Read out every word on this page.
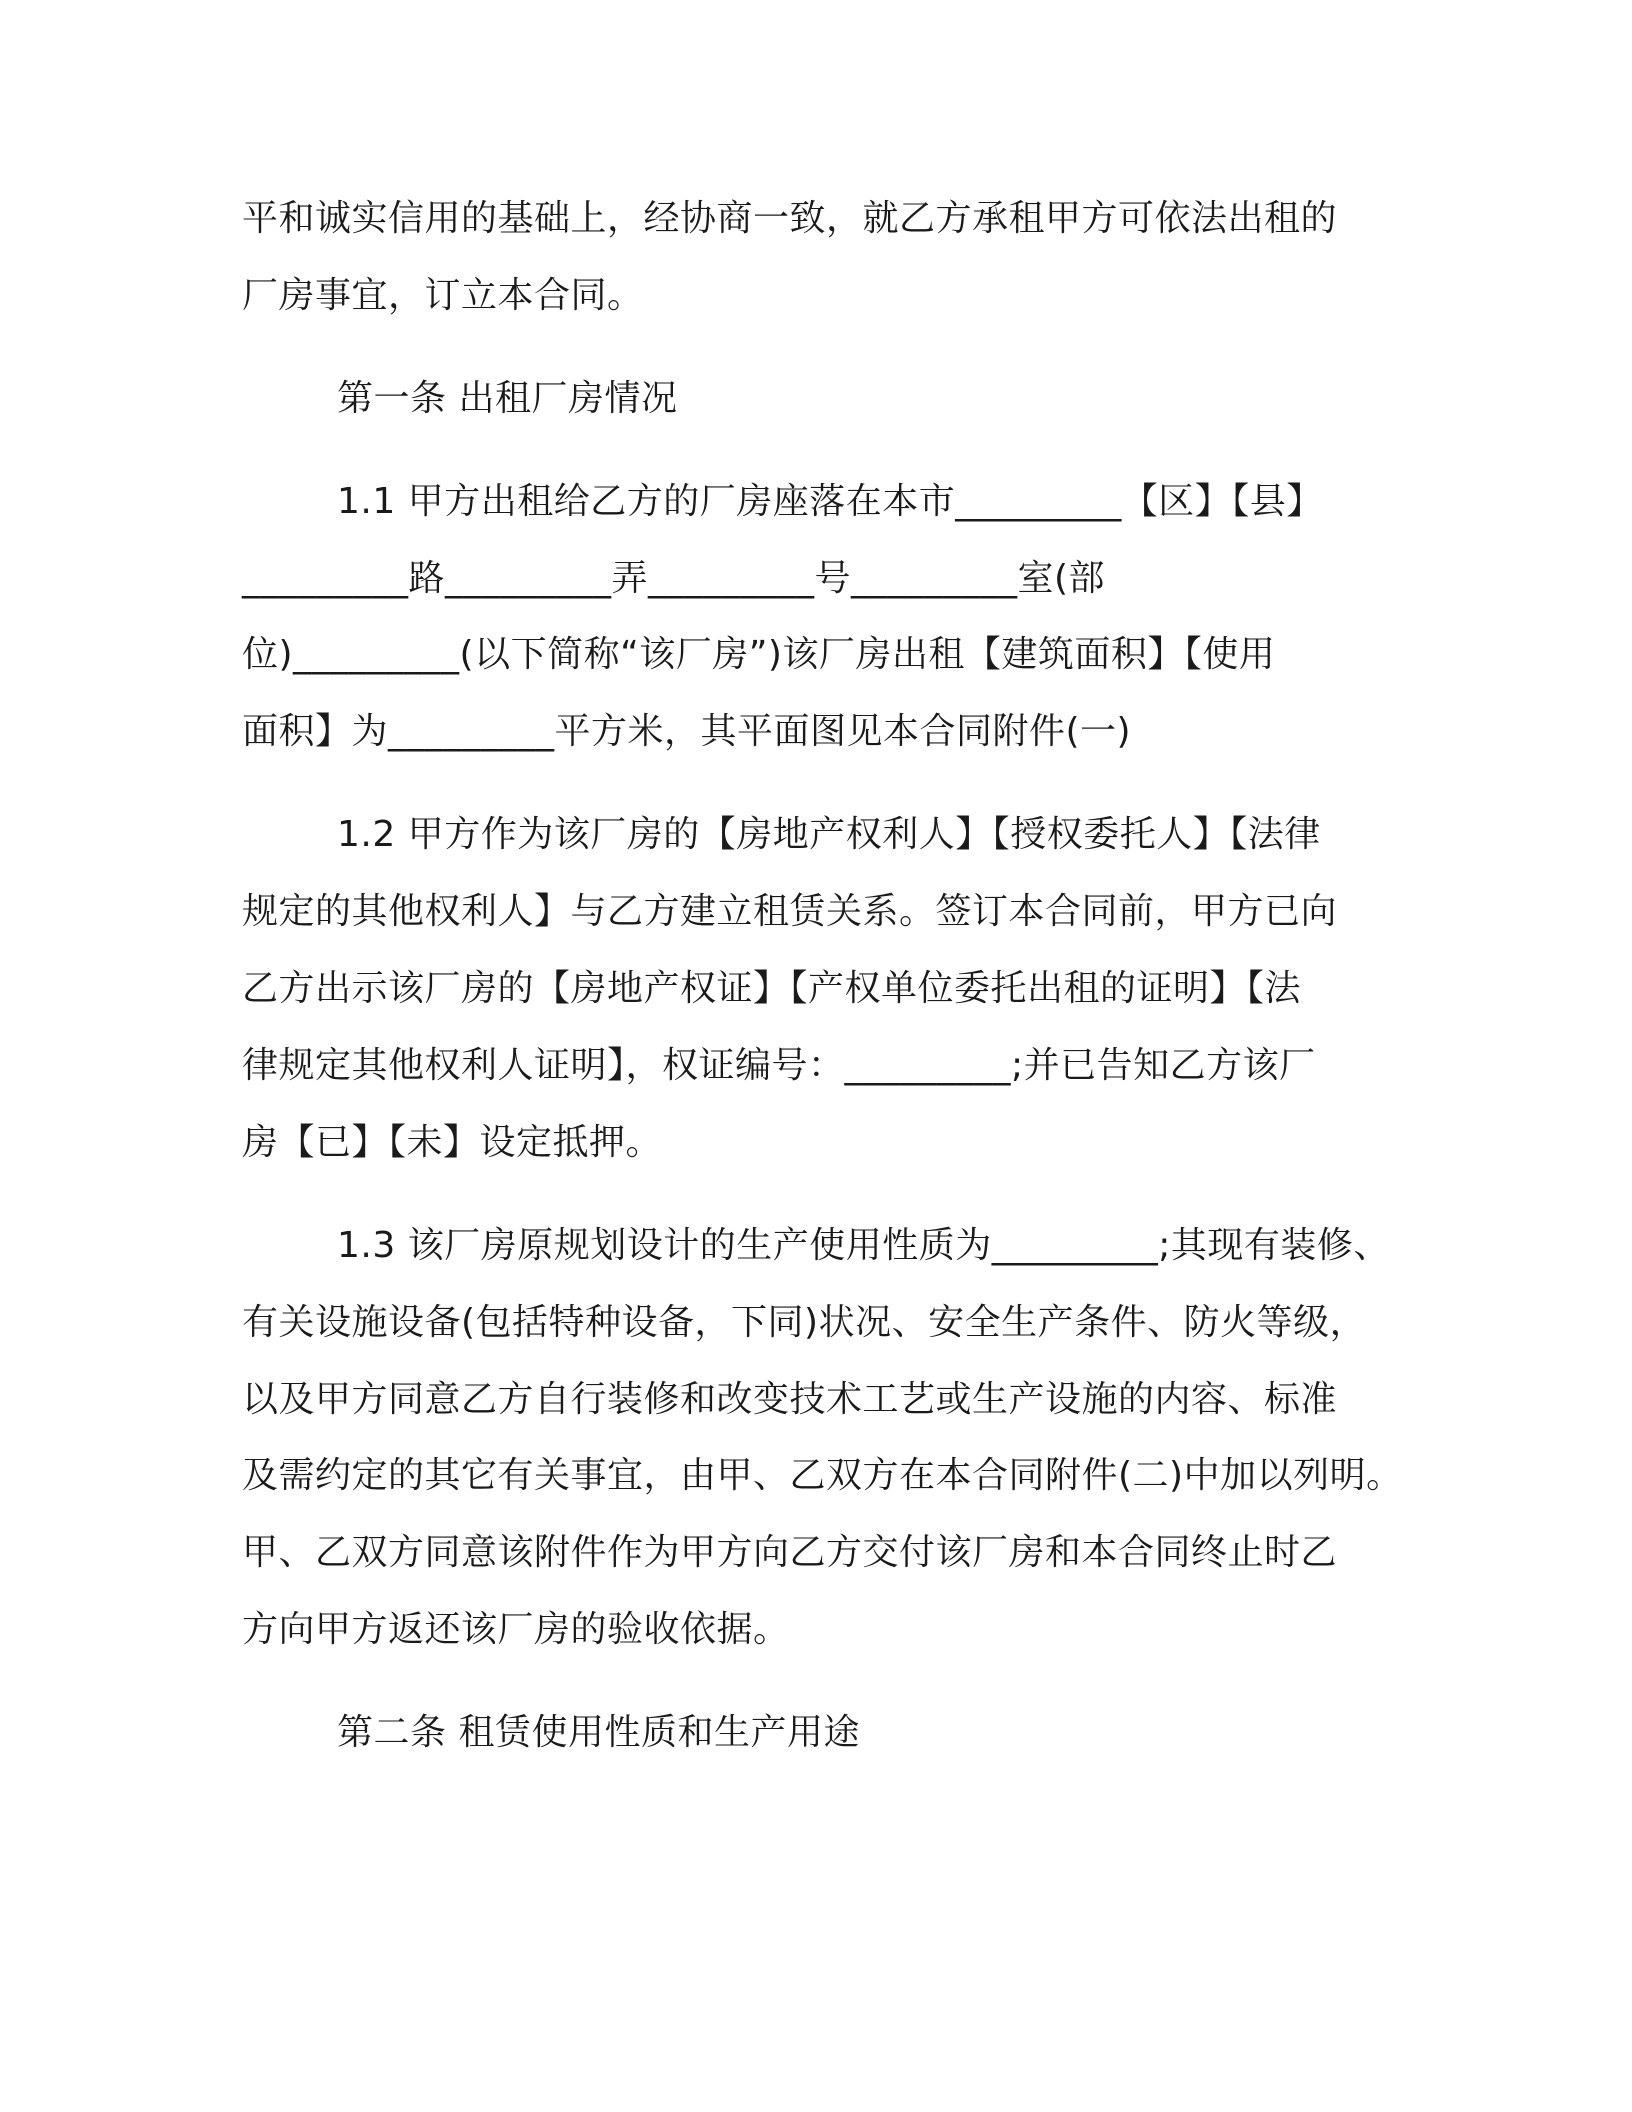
平和诚实信用的基础上，经协商一致，就乙方承租甲方可依法出租的
厂房事宜，订立本合同。
第一条 出租厂房情况
1.1 甲方出租给乙方的厂房座落在本市_________【区】【县】
_________路_________弄_________号_________室(部
位)_________(以下简称“该厂房”)该厂房出租【建筑面积】【使用
面积】为_________平方米，其平面图见本合同附件(一)
1.2 甲方作为该厂房的【房地产权利人】【授权委托人】【法律
规定的其他权利人】与乙方建立租赁关系。签订本合同前，甲方已向
乙方出示该厂房的【房地产权证】【产权单位委托出租的证明】【法
律规定其他权利人证明】，权证编号：_________;并已告知乙方该厂
房【已】【未】设定抵押。
1.3 该厂房原规划设计的生产使用性质为_________;其现有装修、
有关设施设备(包括特种设备，下同)状况、安全生产条件、防火等级，
以及甲方同意乙方自行装修和改变技术工艺或生产设施的内容、标准
及需约定的其它有关事宜，由甲、乙双方在本合同附件(二)中加以列明。
甲、乙双方同意该附件作为甲方向乙方交付该厂房和本合同终止时乙
方向甲方返还该厂房的验收依据。
第二条 租赁使用性质和生产用途
